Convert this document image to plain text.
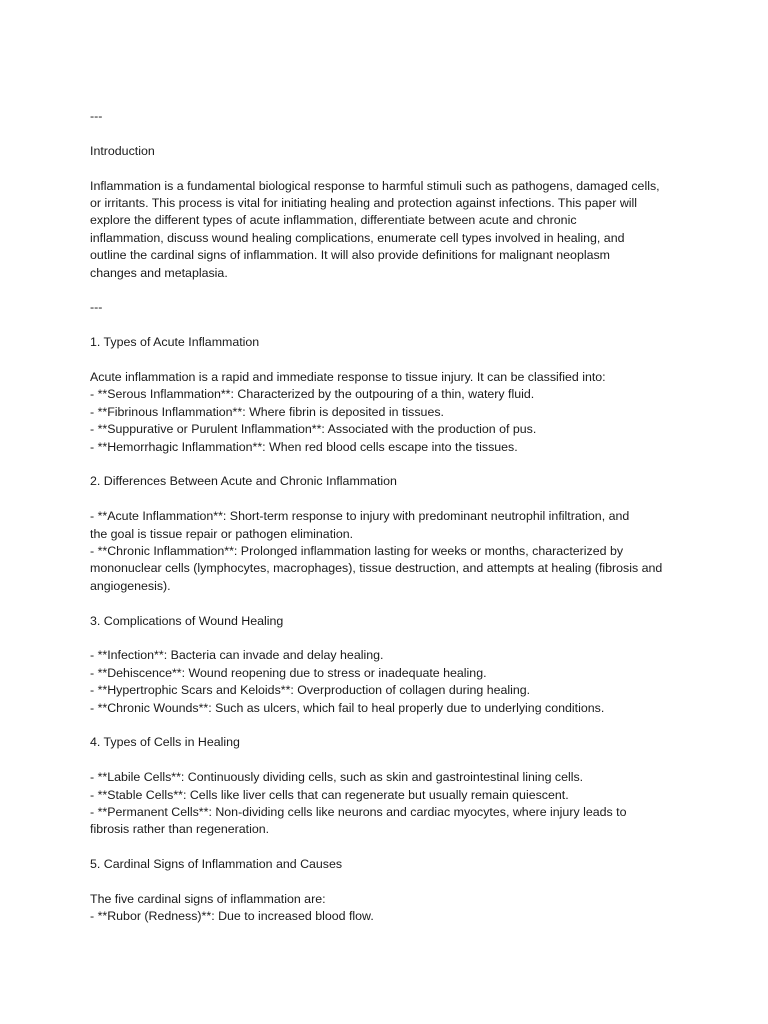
---
Introduction
Inflammation is a fundamental biological response to harmful stimuli such as pathogens, damaged cells,
or irritants. This process is vital for initiating healing and protection against infections. This paper will
explore the different types of acute inflammation, differentiate between acute and chronic
inflammation, discuss wound healing complications, enumerate cell types involved in healing, and
outline the cardinal signs of inflammation. It will also provide definitions for malignant neoplasm
changes and metaplasia.
---
1. Types of Acute Inflammation
Acute inflammation is a rapid and immediate response to tissue injury. It can be classified into:
- **Serous Inflammation**: Characterized by the outpouring of a thin, watery fluid.
- **Fibrinous Inflammation**: Where fibrin is deposited in tissues.
- **Suppurative or Purulent Inflammation**: Associated with the production of pus.
- **Hemorrhagic Inflammation**: When red blood cells escape into the tissues.
2. Differences Between Acute and Chronic Inflammation
- **Acute Inflammation**: Short-term response to injury with predominant neutrophil infiltration, and
the goal is tissue repair or pathogen elimination.
- **Chronic Inflammation**: Prolonged inflammation lasting for weeks or months, characterized by
mononuclear cells (lymphocytes, macrophages), tissue destruction, and attempts at healing (fibrosis and
angiogenesis).
3. Complications of Wound Healing
- **Infection**: Bacteria can invade and delay healing.
- **Dehiscence**: Wound reopening due to stress or inadequate healing.
- **Hypertrophic Scars and Keloids**: Overproduction of collagen during healing.
- **Chronic Wounds**: Such as ulcers, which fail to heal properly due to underlying conditions.
4. Types of Cells in Healing
- **Labile Cells**: Continuously dividing cells, such as skin and gastrointestinal lining cells.
- **Stable Cells**: Cells like liver cells that can regenerate but usually remain quiescent.
- **Permanent Cells**: Non-dividing cells like neurons and cardiac myocytes, where injury leads to
fibrosis rather than regeneration.
5. Cardinal Signs of Inflammation and Causes
The five cardinal signs of inflammation are:
- **Rubor (Redness)**: Due to increased blood flow.
